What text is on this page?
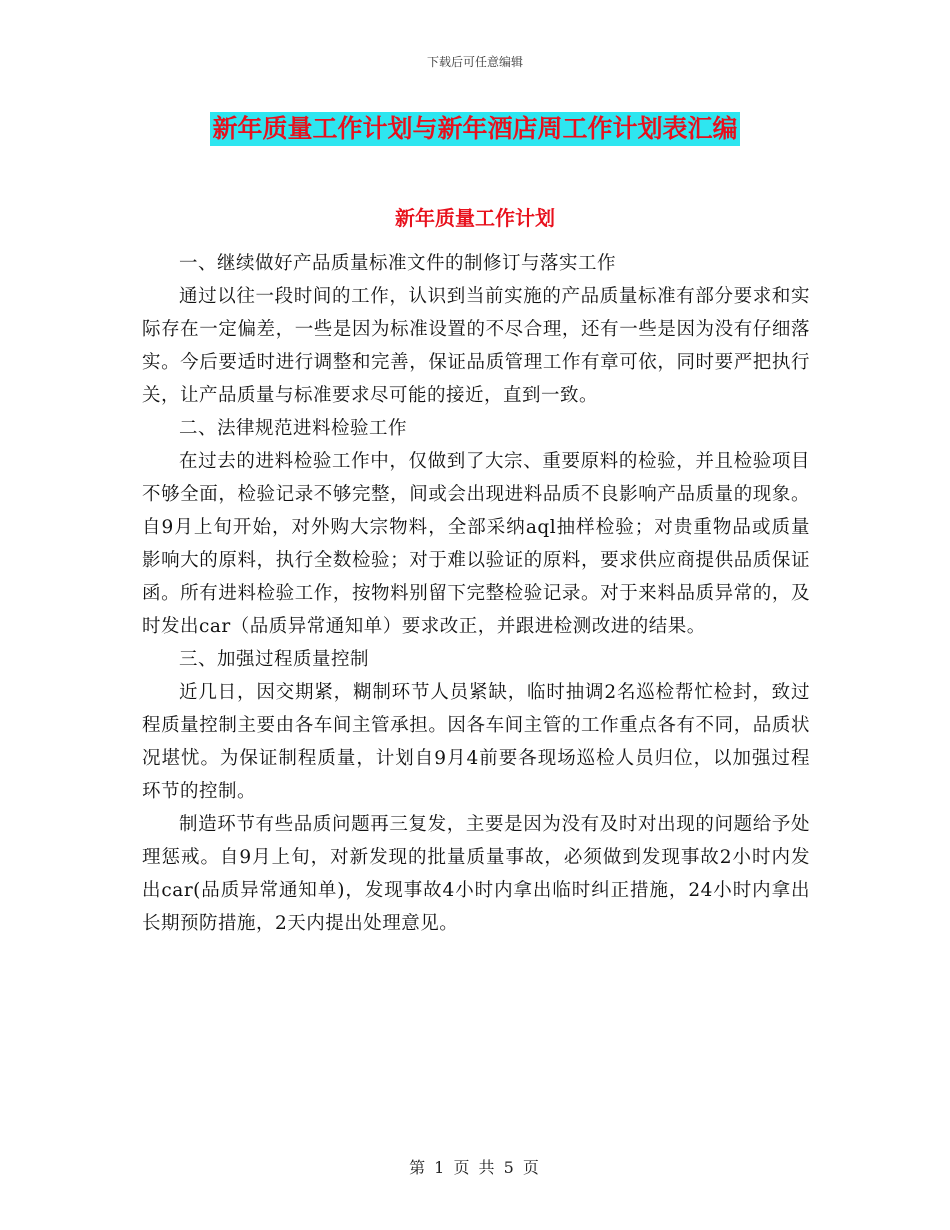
下载后可任意编辑
新年质量工作计划与新年酒店周工作计划表汇编
新年质量工作计划

一、继续做好产品质量标准文件的制修订与落实工作

通过以往一段时间的工作，认识到当前实施的产品质量标准有部分要求和实际存在一定偏差，一些是因为标准设置的不尽合理，还有一些是因为没有仔细落实。今后要适时进行调整和完善，保证品质管理工作有章可依，同时要严把执行关，让产品质量与标准要求尽可能的接近，直到一致。

二、法律规范进料检验工作

在过去的进料检验工作中，仅做到了大宗、重要原料的检验，并且检验项目不够全面，检验记录不够完整，间或会出现进料品质不良影响产品质量的现象。自9月上旬开始，对外购大宗物料，全部采纳aql抽样检验；对贵重物品或质量影响大的原料，执行全数检验；对于难以验证的原料，要求供应商提供品质保证函。所有进料检验工作，按物料别留下完整检验记录。对于来料品质异常的，及时发出car（品质异常通知单）要求改正，并跟进检测改进的结果。

三、加强过程质量控制

近几日，因交期紧，糊制环节人员紧缺，临时抽调2名巡检帮忙检封，致过程质量控制主要由各车间主管承担。因各车间主管的工作重点各有不同，品质状况堪忧。为保证制程质量，计划自9月4前要各现场巡检人员归位，以加强过程环节的控制。

制造环节有些品质问题再三复发，主要是因为没有及时对出现的问题给予处理惩戒。自9月上旬，对新发现的批量质量事故，必须做到发现事故2小时内发出car(品质异常通知单)，发现事故4小时内拿出临时纠正措施，24小时内拿出长期预防措施，2天内提出处理意见。

第 1 页 共 5 页
